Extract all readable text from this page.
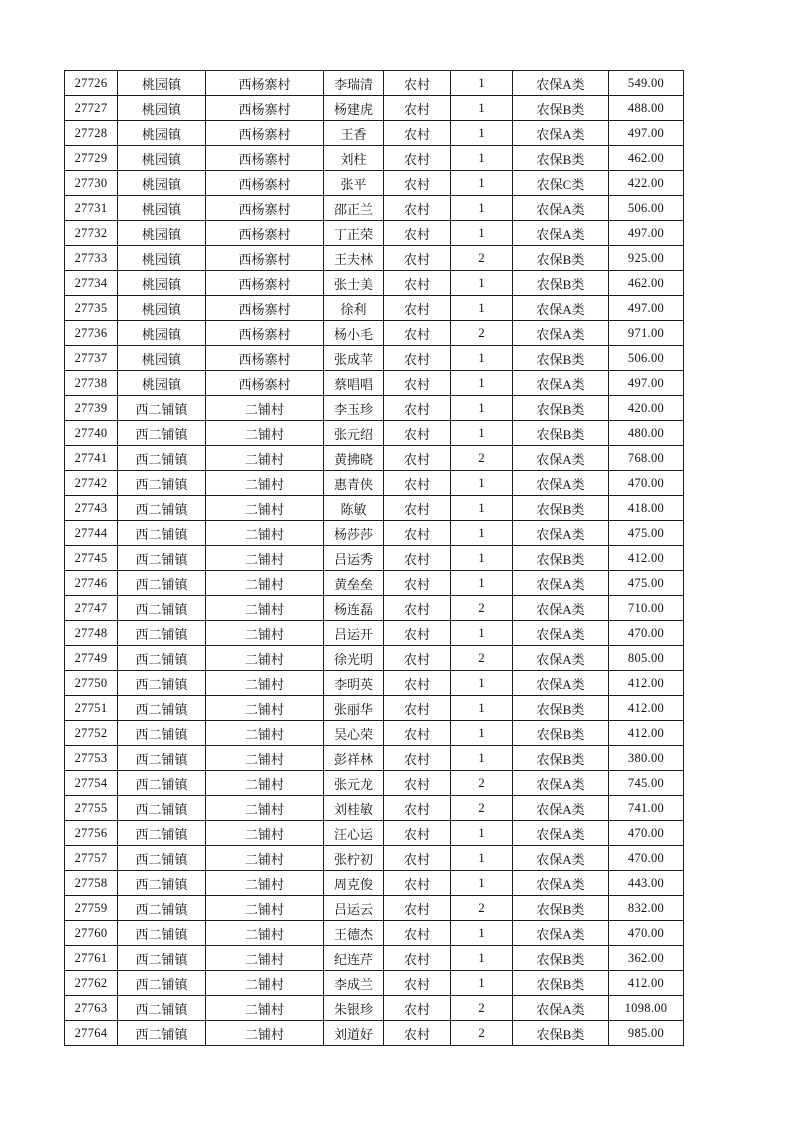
27726	桃园镇	西杨寨村	李瑞清	农村	1	农保A类	549.00
27727	桃园镇	西杨寨村	杨建虎	农村	1	农保B类	488.00
27728	桃园镇	西杨寨村	王香	农村	1	农保A类	497.00
27729	桃园镇	西杨寨村	刘柱	农村	1	农保B类	462.00
27730	桃园镇	西杨寨村	张平	农村	1	农保C类	422.00
27731	桃园镇	西杨寨村	邵正兰	农村	1	农保A类	506.00
27732	桃园镇	西杨寨村	丁正荣	农村	1	农保A类	497.00
27733	桃园镇	西杨寨村	王夫林	农村	2	农保B类	925.00
27734	桃园镇	西杨寨村	张士美	农村	1	农保B类	462.00
27735	桃园镇	西杨寨村	徐利	农村	1	农保A类	497.00
27736	桃园镇	西杨寨村	杨小毛	农村	2	农保A类	971.00
27737	桃园镇	西杨寨村	张成苹	农村	1	农保B类	506.00
27738	桃园镇	西杨寨村	蔡唱唱	农村	1	农保A类	497.00
27739	西二铺镇	二铺村	李玉珍	农村	1	农保B类	420.00
27740	西二铺镇	二铺村	张元绍	农村	1	农保B类	480.00
27741	西二铺镇	二铺村	黄拂晓	农村	2	农保A类	768.00
27742	西二铺镇	二铺村	惠青侠	农村	1	农保A类	470.00
27743	西二铺镇	二铺村	陈敏	农村	1	农保B类	418.00
27744	西二铺镇	二铺村	杨莎莎	农村	1	农保A类	475.00
27745	西二铺镇	二铺村	吕运秀	农村	1	农保B类	412.00
27746	西二铺镇	二铺村	黄垒垒	农村	1	农保A类	475.00
27747	西二铺镇	二铺村	杨连磊	农村	2	农保A类	710.00
27748	西二铺镇	二铺村	吕运开	农村	1	农保A类	470.00
27749	西二铺镇	二铺村	徐光明	农村	2	农保A类	805.00
27750	西二铺镇	二铺村	李明英	农村	1	农保A类	412.00
27751	西二铺镇	二铺村	张丽华	农村	1	农保B类	412.00
27752	西二铺镇	二铺村	吴心荣	农村	1	农保B类	412.00
27753	西二铺镇	二铺村	彭祥林	农村	1	农保B类	380.00
27754	西二铺镇	二铺村	张元龙	农村	2	农保A类	745.00
27755	西二铺镇	二铺村	刘桂敏	农村	2	农保A类	741.00
27756	西二铺镇	二铺村	汪心运	农村	1	农保A类	470.00
27757	西二铺镇	二铺村	张柠初	农村	1	农保A类	470.00
27758	西二铺镇	二铺村	周克俊	农村	1	农保A类	443.00
27759	西二铺镇	二铺村	吕运云	农村	2	农保B类	832.00
27760	西二铺镇	二铺村	王德杰	农村	1	农保A类	470.00
27761	西二铺镇	二铺村	纪连芹	农村	1	农保B类	362.00
27762	西二铺镇	二铺村	李成兰	农村	1	农保B类	412.00
27763	西二铺镇	二铺村	朱银珍	农村	2	农保A类	1098.00
27764	西二铺镇	二铺村	刘道好	农村	2	农保B类	985.00
